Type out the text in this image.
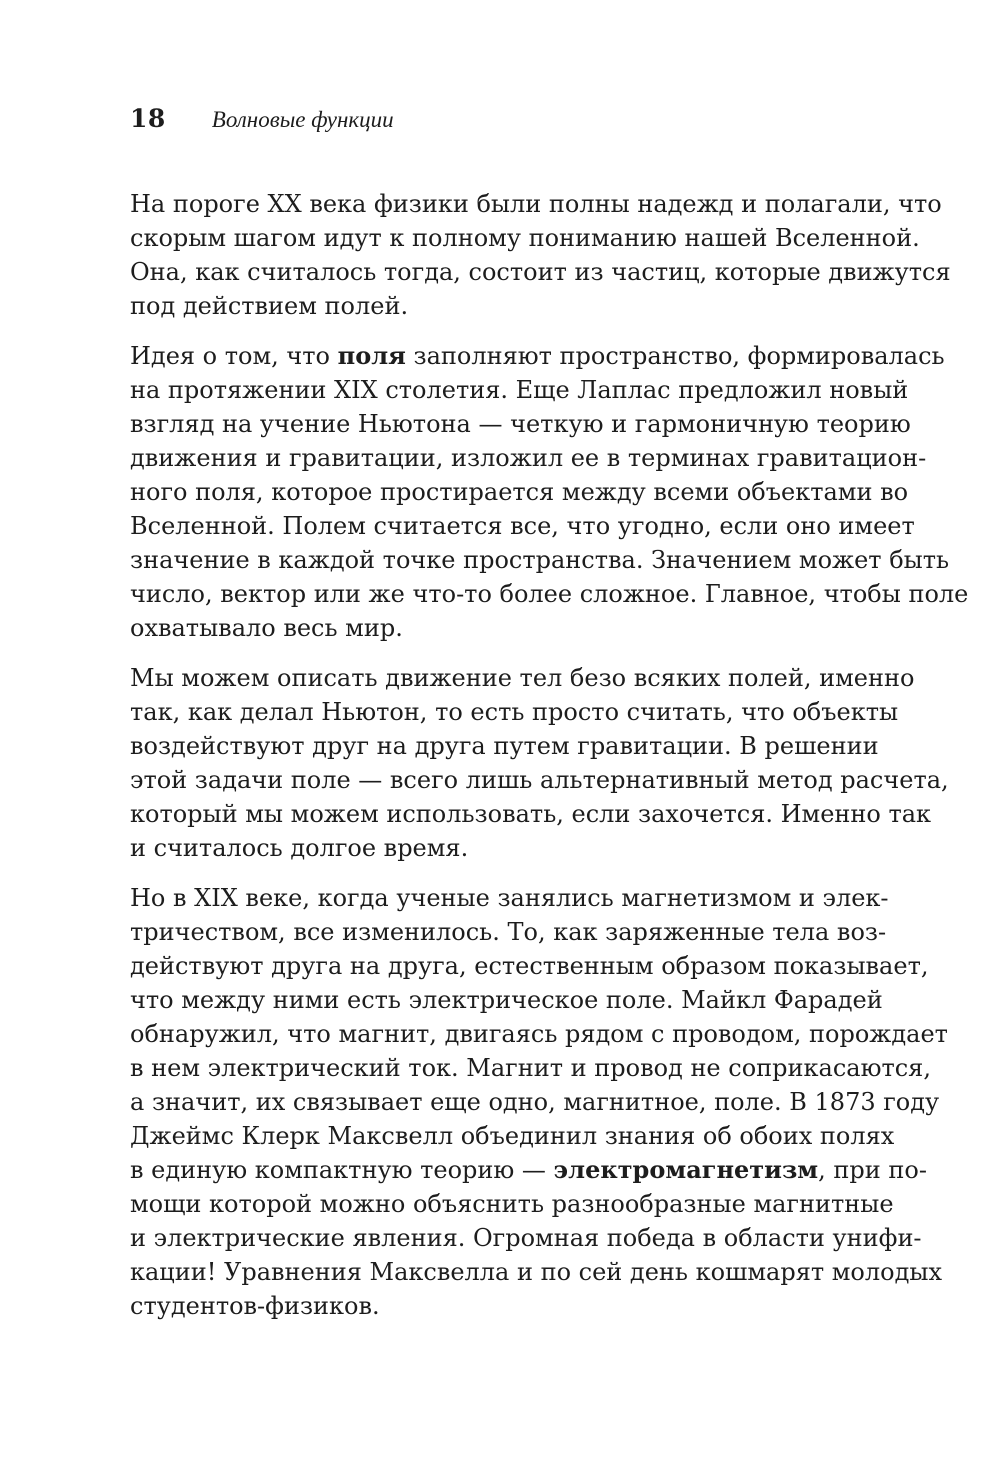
18 Волновые функции

На пороге XX века физики были полны надежд и полагали, что
скорым шагом идут к полному пониманию нашей Вселенной.
Она, как считалось тогда, состоит из частиц, которые движутся
под действием полей.

Идея о том, что поля заполняют пространство, формировалась
на протяжении XIX столетия. Еще Лаплас предложил новый
взгляд на учение Ньютона — четкую и гармоничную теорию
движения и гравитации, изложил ее в терминах гравитацион-
ного поля, которое простирается между всеми объектами во
Вселенной. Полем считается все, что угодно, если оно имеет
значение в каждой точке пространства. Значением может быть
число, вектор или же что-то более сложное. Главное, чтобы поле
охватывало весь мир.

Мы можем описать движение тел безо всяких полей, именно
так, как делал Ньютон, то есть просто считать, что объекты
воздействуют друг на друга путем гравитации. В решении
этой задачи поле — всего лишь альтернативный метод расчета,
который мы можем использовать, если захочется. Именно так
и считалось долгое время.

Но в XIX веке, когда ученые занялись магнетизмом и элек-
тричеством, все изменилось. То, как заряженные тела воз-
действуют друга на друга, естественным образом показывает,
что между ними есть электрическое поле. Майкл Фарадей
обнаружил, что магнит, двигаясь рядом с проводом, порождает
в нем электрический ток. Магнит и провод не соприкасаются,
а значит, их связывает еще одно, магнитное, поле. В 1873 году
Джеймс Клерк Максвелл объединил знания об обоих полях
в единую компактную теорию — электромагнетизм, при по-
мощи которой можно объяснить разнообразные магнитные
и электрические явления. Огромная победа в области унифи-
кации! Уравнения Максвелла и по сей день кошмарят молодых
студентов-физиков.
